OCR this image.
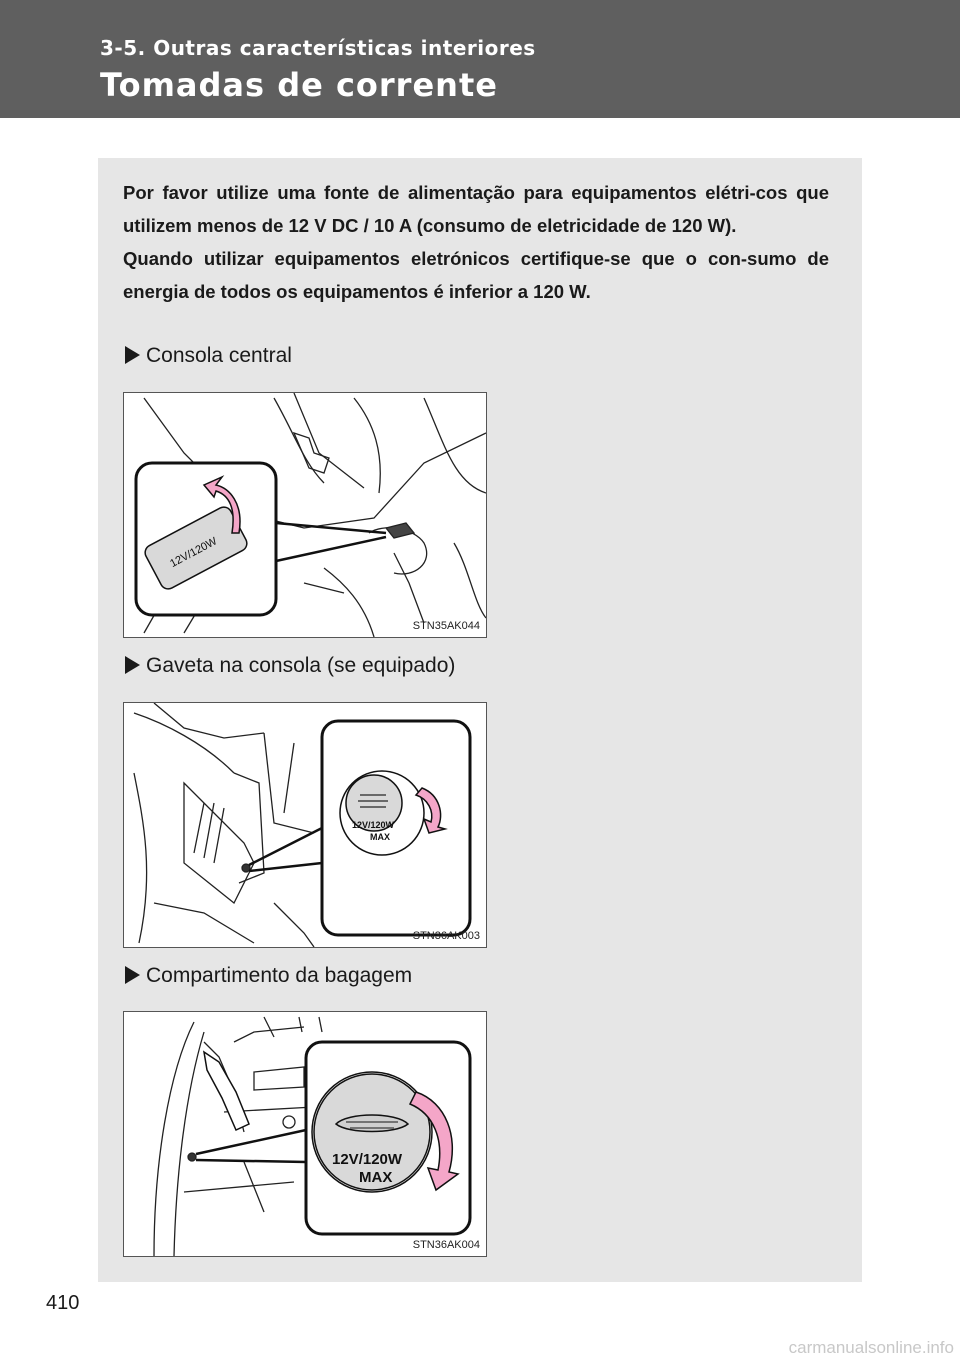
3-5. Outras características interiores
Tomadas de corrente

Por favor utilize uma fonte de alimentação para equipamentos elétri-cos que utilizem menos de 12 V DC / 10 A (consumo de eletricidade de 120 W).

Quando utilizar equipamentos eletrónicos certifique-se que o con-sumo de energia de todos os equipamentos é inferior a 120 W.

Consola central
12V/120W
STN35AK044
Gaveta na consola (se equipado)
12V/120W
MAX
STN36AK003
Compartimento da bagagem
12V/120W
MAX
STN36AK004
410
carmanualsonline.info
